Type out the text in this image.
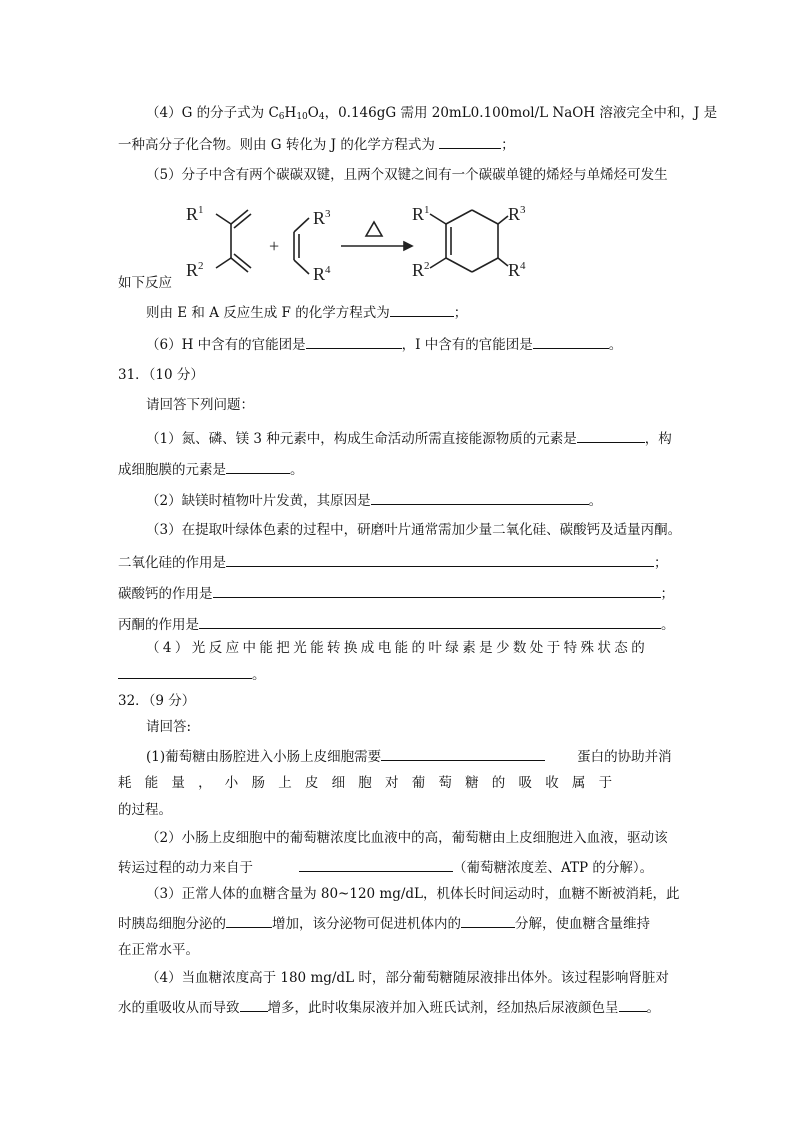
（4）G 的分子式为 $C_6H_{10}O_4$，0.146gG 需用 20mL0.100mol/L NaOH 溶液完全中和，J 是
一种高分子化合物。则由 G 转化为 J 的化学方程式为	；
（5）分子中含有两个碳碳双键，且两个双键之间有一个碳碳单键的烯烃与单烯烃可发生
$R^1$
$R^2$
+
$R^3$
$R^4$
$R^1$
$R^2$
$R^3$
$R^4$
如下反应
则由 E 和 A 反应生成 F 的化学方程式为	；
（6）H 中含有的官能团是	，I 中含有的官能团是	。
31．（10 分）
请回答下列问题：
（1）氮、磷、镁 3 种元素中，构成生命活动所需直接能源物质的元素是	，构
成细胞膜的元素是	。
（2）缺镁时植物叶片发黄，其原因是	。
（3）在提取叶绿体色素的过程中，研磨叶片通常需加少量二氧化硅、碳酸钙及适量丙酮。
二氧化硅的作用是	；
碳酸钙的作用是	；
丙酮的作用是	。
（4）光反应中能把光能转换成电能的叶绿素是少数处于特殊状态的
。
32．（9 分）
请回答:
(1)葡萄糖由肠腔进入小肠上皮细胞需要	蛋白的协助并消
耗能量，小肠上皮细胞对葡萄糖的吸收属于
的过程。
（2）小肠上皮细胞中的葡萄糖浓度比血液中的高，葡萄糖由上皮细胞进入血液，驱动该
转运过程的动力来自于	（葡萄糖浓度差、ATP 的分解）。
（3）正常人体的血糖含量为 80~120 mg/dL，机体长时间运动时，血糖不断被消耗，此
时胰岛细胞分泌的	增加，该分泌物可促进机体内的	分解，使血糖含量维持
在正常水平。
（4）当血糖浓度高于 180 mg/dL 时，部分葡萄糖随尿液排出体外。该过程影响肾脏对
水的重吸收从而导致 增多，此时收集尿液并加入班氏试剂，经加热后尿液颜色呈 。
